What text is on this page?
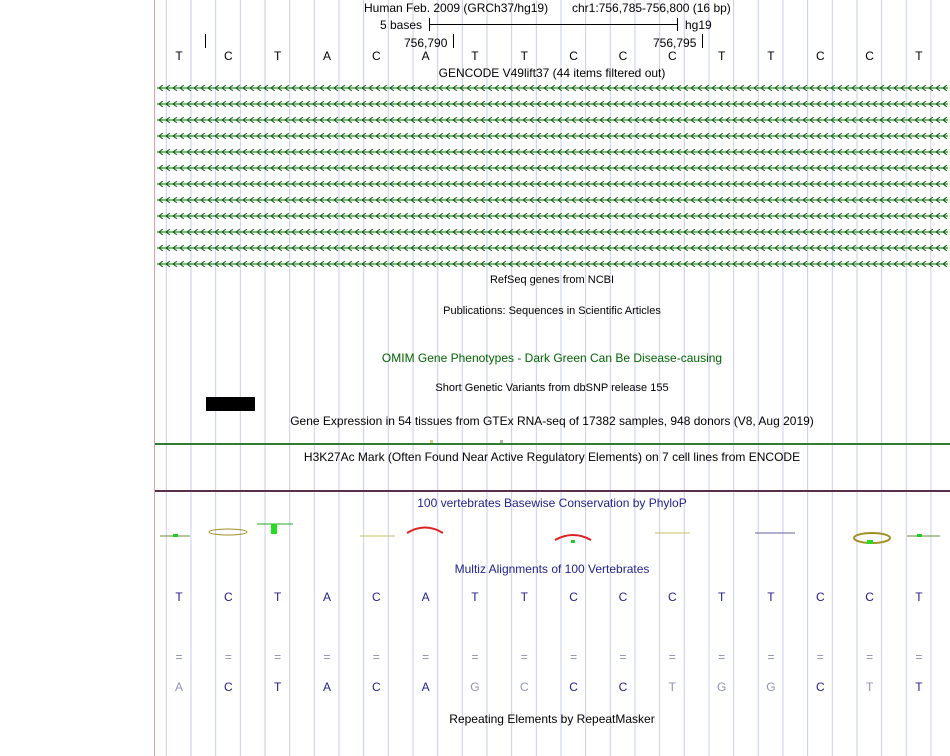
Human Feb. 2009 (GRCh37/hg19) chr1:756,785-756,800 (16 bp)
5 bases	hg19
756,790	756,795
T	C	T	A	C	A	T	T	C	C	C	T	T	C	C	T
GENCODE V49lift37 (44 items filtered out)
RefSeq genes from NCBI
Publications: Sequences in Scientific Articles
OMIM Gene Phenotypes - Dark Green Can Be Disease-causing
Short Genetic Variants from dbSNP release 155
Gene Expression in 54 tissues from GTEx RNA-seq of 17382 samples, 948 donors (V8, Aug 2019)
H3K27Ac Mark (Often Found Near Active Regulatory Elements) on 7 cell lines from ENCODE
100 vertebrates Basewise Conservation by PhyloP
Multiz Alignments of 100 Vertebrates
T	C	T	A	C	A	T	T	C	C	C	T	T	C	C	T
=	=	=	=	=	=	=	=	=	=	=	=	=	=	=	=
A	C	T	A	C	A	G	C	C	C	T	G	G	C	T	T
Repeating Elements by RepeatMasker
